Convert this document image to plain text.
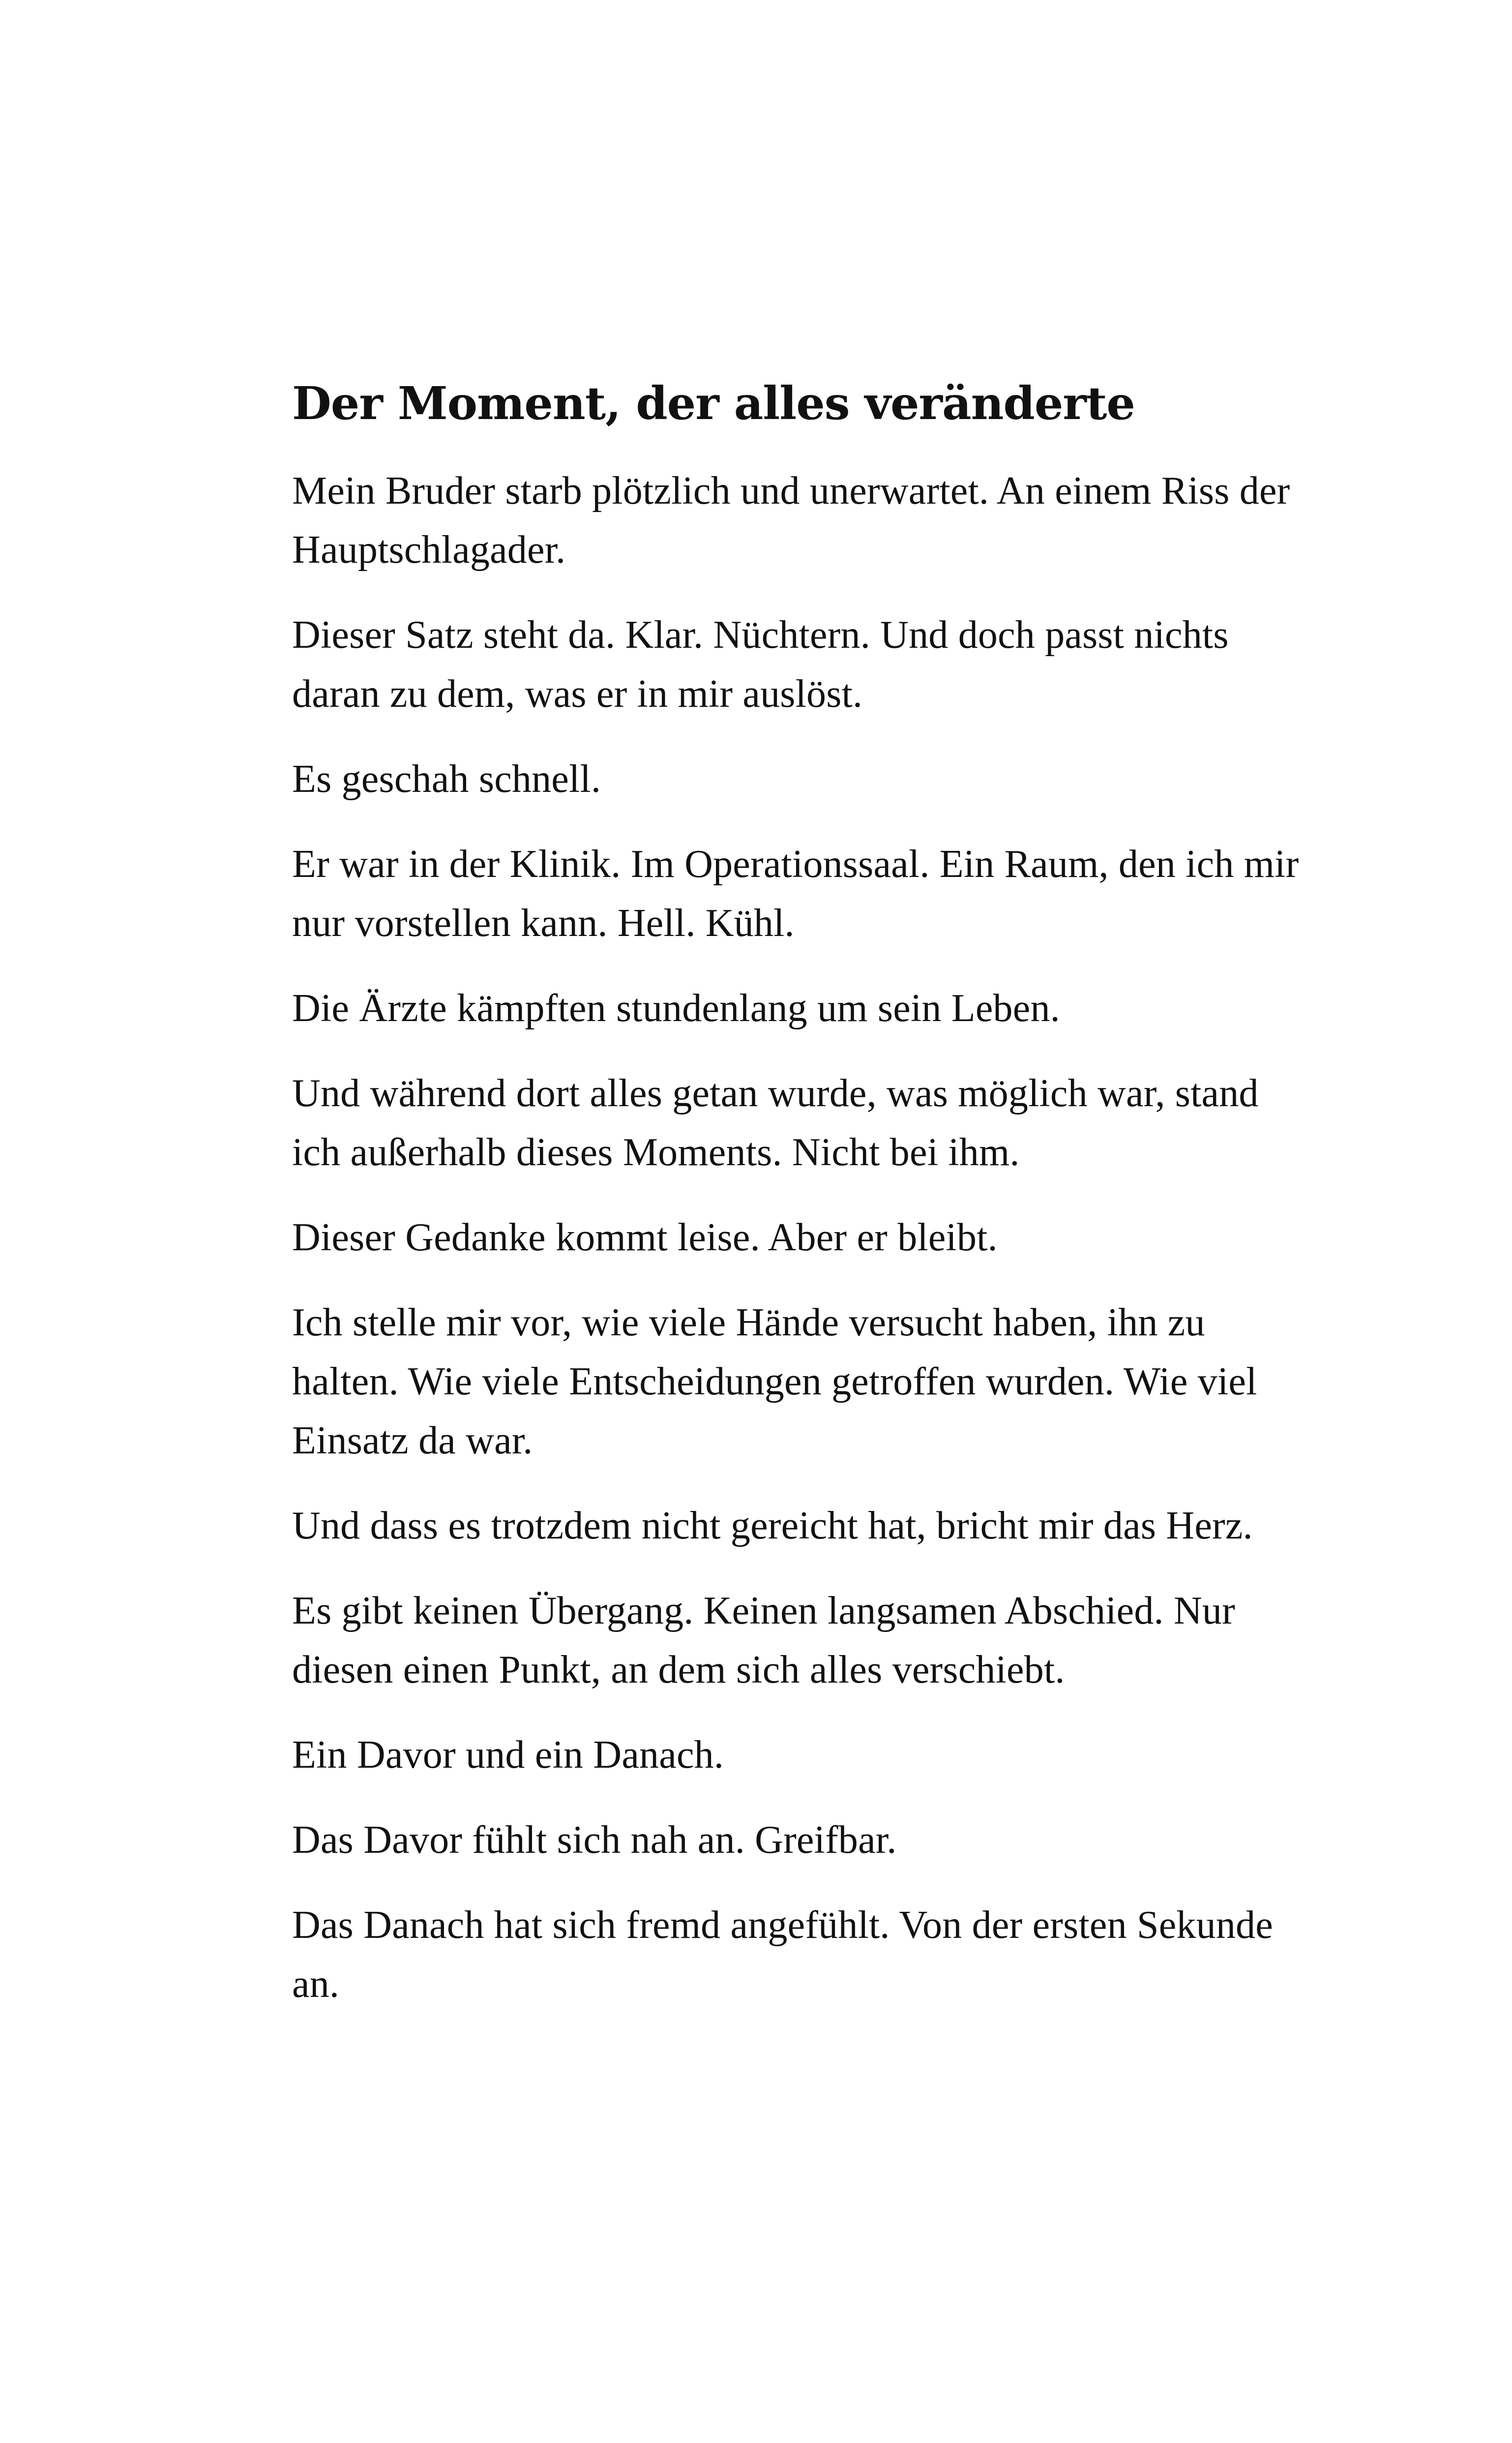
Der Moment, der alles veränderte

Mein Bruder starb plötzlich und unerwartet. An einem Riss der Hauptschlagader.

Dieser Satz steht da. Klar. Nüchtern. Und doch passt nichts daran zu dem, was er in mir auslöst.

Es geschah schnell.

Er war in der Klinik. Im Operationssaal. Ein Raum, den ich mir nur vorstellen kann. Hell. Kühl.

Die Ärzte kämpften stundenlang um sein Leben.

Und während dort alles getan wurde, was möglich war, stand ich außerhalb dieses Moments. Nicht bei ihm.

Dieser Gedanke kommt leise. Aber er bleibt.

Ich stelle mir vor, wie viele Hände versucht haben, ihn zu halten. Wie viele Entscheidungen getroffen wurden. Wie viel Einsatz da war.

Und dass es trotzdem nicht gereicht hat, bricht mir das Herz.

Es gibt keinen Übergang. Keinen langsamen Abschied. Nur diesen einen Punkt, an dem sich alles verschiebt.

Ein Davor und ein Danach.

Das Davor fühlt sich nah an. Greifbar.

Das Danach hat sich fremd angefühlt. Von der ersten Sekunde an.
